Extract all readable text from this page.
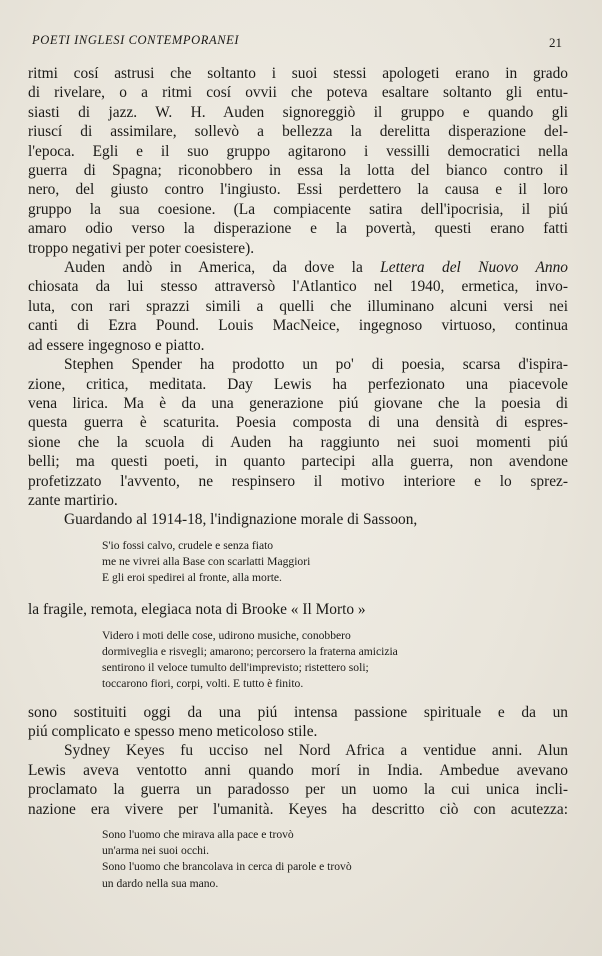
POETI INGLESI CONTEMPORANEI	21
ritmi cosí astrusi che soltanto i suoi stessi apologeti erano in grado
di rivelare, o a ritmi cosí ovvii che poteva esaltare soltanto gli entu-
siasti di jazz. W. H. Auden signoreggiò il gruppo e quando gli
riuscí di assimilare, sollevò a bellezza la derelitta disperazione del-
l'epoca. Egli e il suo gruppo agitarono i vessilli democratici nella
guerra di Spagna; riconobbero in essa la lotta del bianco contro il
nero, del giusto contro l'ingiusto. Essi perdettero la causa e il loro
gruppo la sua coesione. (La compiacente satira dell'ipocrisia, il piú
amaro odio verso la disperazione e la povertà, questi erano fatti
troppo negativi per poter coesistere).
Auden andò in America, da dove la Lettera del Nuovo Anno
chiosata da lui stesso attraversò l'Atlantico nel 1940, ermetica, invo-
luta, con rari sprazzi simili a quelli che illuminano alcuni versi nei
canti di Ezra Pound. Louis MacNeice, ingegnoso virtuoso, continua
ad essere ingegnoso e piatto.
Stephen Spender ha prodotto un po' di poesia, scarsa d'ispira-
zione, critica, meditata. Day Lewis ha perfezionato una piacevole
vena lirica. Ma è da una generazione piú giovane che la poesia di
questa guerra è scaturita. Poesia composta di una densità di espres-
sione che la scuola di Auden ha raggiunto nei suoi momenti piú
belli; ma questi poeti, in quanto partecipi alla guerra, non avendone
profetizzato l'avvento, ne respinsero il motivo interiore e lo sprez-
zante martirio.
Guardando al 1914-18, l'indignazione morale di Sassoon,
S'io fossi calvo, crudele e senza fiato
me ne vivrei alla Base con scarlatti Maggiori
E gli eroi spedirei al fronte, alla morte.
la fragile, remota, elegiaca nota di Brooke « Il Morto »
Videro i moti delle cose, udirono musiche, conobbero
dormiveglia e risvegli; amarono; percorsero la fraterna amicizia
sentirono il veloce tumulto dell'imprevisto; ristettero soli;
toccarono fiori, corpi, volti. E tutto è finito.
sono sostituiti oggi da una piú intensa passione spirituale e da un
piú complicato e spesso meno meticoloso stile.
Sydney Keyes fu ucciso nel Nord Africa a ventidue anni. Alun
Lewis aveva ventotto anni quando morí in India. Ambedue avevano
proclamato la guerra un paradosso per un uomo la cui unica incli-
nazione era vivere per l'umanità. Keyes ha descritto ciò con acutezza:
Sono l'uomo che mirava alla pace e trovò
un'arma nei suoi occhi.
Sono l'uomo che brancolava in cerca di parole e trovò
un dardo nella sua mano.
